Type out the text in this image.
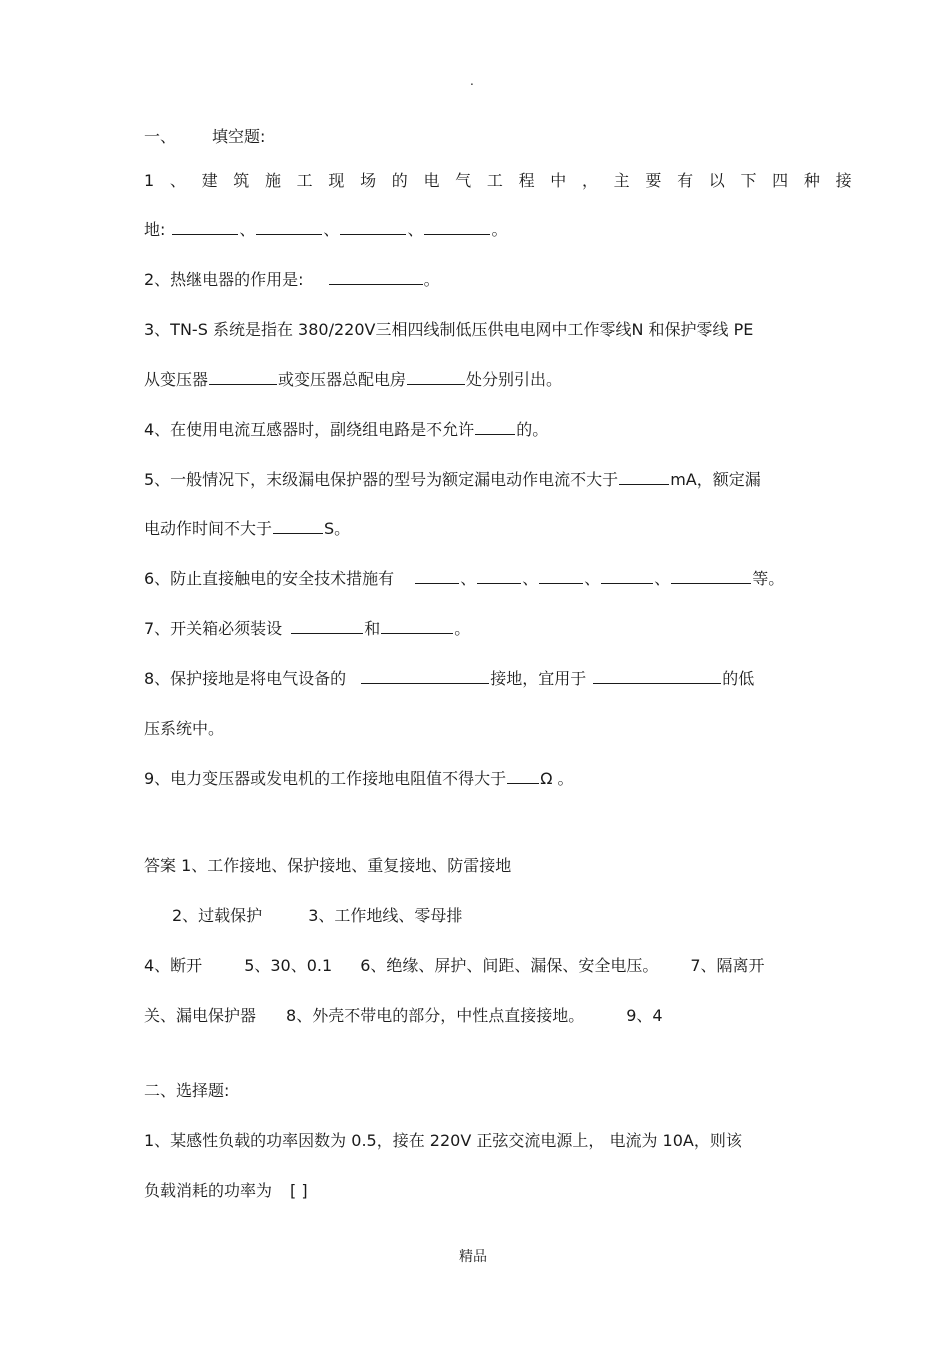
.
一、 填空题:
1、建筑施工现场的电气工程中，主要有以下四种接
地:	、	、	、	。
2、热继电器的作用是:	。
3、TN-S 系统是指在 380/220V三相四线制低压供电电网中工作零线N 和保护零线 PE
从变压器	或变压器总配电房	处分别引出。
4、在使用电流互感器时，副绕组电路是不允许	的。
5、一般情况下，末级漏电保护器的型号为额定漏电动作电流不大于	mA，额定漏
电动作时间不大于	S。
6、防止直接触电的安全技术措施有	、	、	、	、	等。
7、开关箱必须装设	和	。
8、保护接地是将电气设备的	接地，宜用于	的低
压系统中。
9、电力变压器或发电机的工作接地电阻值不得大于 Ω 。
答案 1、工作接地、保护接地、重复接地、防雷接地
2、过载保护	3、工作地线、零母排
4、断开	5、30、0.1 6、绝缘、屏护、间距、漏保、安全电压。 7、隔离开
关、漏电保护器 8、外壳不带电的部分，中性点直接接地。	9、4
二、选择题:
1、某感性负载的功率因数为 0.5，接在 220V 正弦交流电源上， 电流为 10A，则该
负载消耗的功率为 [ ]
精品
